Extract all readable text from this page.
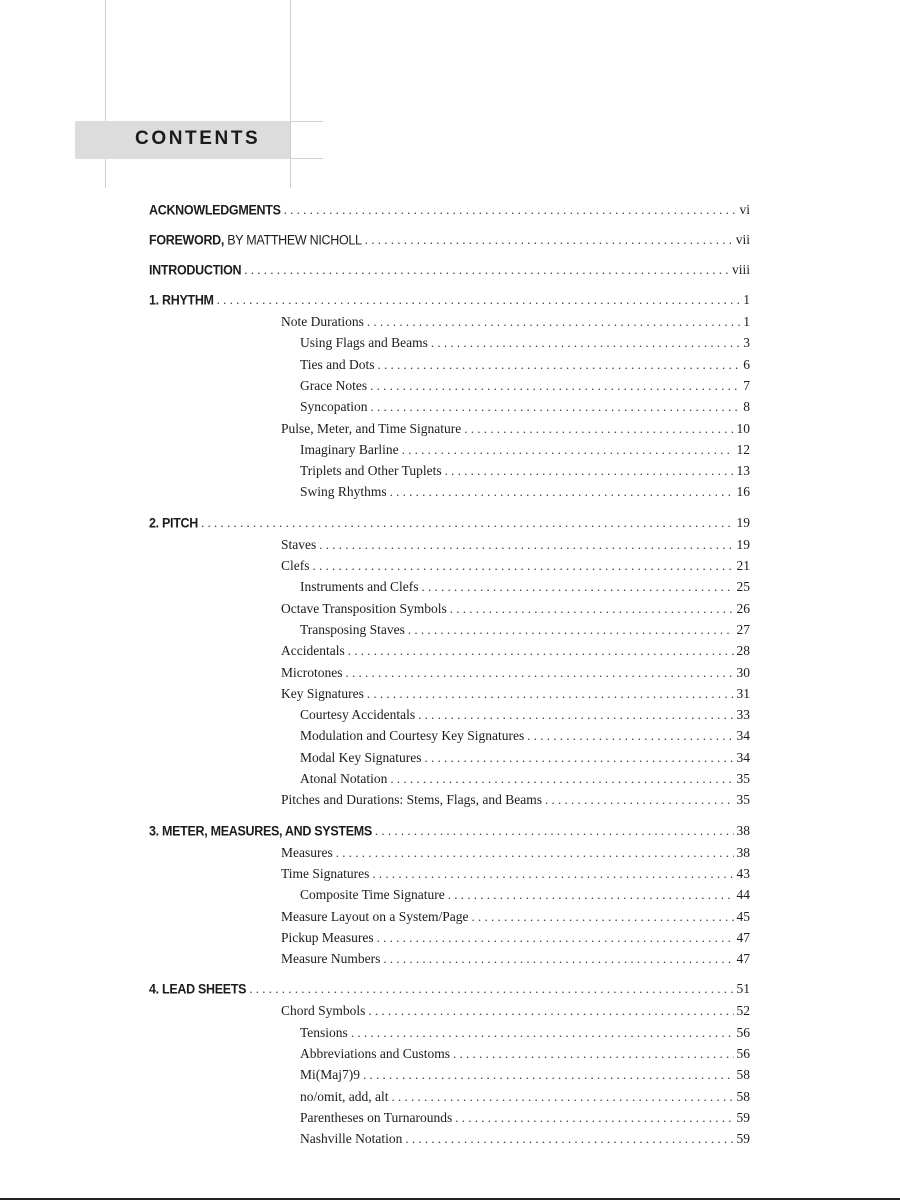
CONTENTS
ACKNOWLEDGMENTS . . .	vi
FOREWORD, BY MATTHEW NICHOLL . . .	vii
INTRODUCTION . . .	viii
1. RHYTHM . . .	1
Note Durations . . .	1
Using Flags and Beams . . .	3
Ties and Dots . . .	6
Grace Notes . . .	7
Syncopation . . .	8
Pulse, Meter, and Time Signature . . .	10
Imaginary Barline . . .	12
Triplets and Other Tuplets . . .	13
Swing Rhythms . . .	16
2. PITCH . . .	19
Staves . . .	19
Clefs . . .	21
Instruments and Clefs . . .	25
Octave Transposition Symbols . . .	26
Transposing Staves . . .	27
Accidentals . . .	28
Microtones . . .	30
Key Signatures . . .	31
Courtesy Accidentals . . .	33
Modulation and Courtesy Key Signatures . . .	34
Modal Key Signatures . . .	34
Atonal Notation . . .	35
Pitches and Durations: Stems, Flags, and Beams . . .	35
3. METER, MEASURES, AND SYSTEMS . . .	38
Measures . . .	38
Time Signatures . . .	43
Composite Time Signature . . .	44
Measure Layout on a System/Page . . .	45
Pickup Measures . . .	47
Measure Numbers . . .	47
4. LEAD SHEETS . . .	51
Chord Symbols . . .	52
Tensions . . .	56
Abbreviations and Customs . . .	56
Mi(Maj7)9 . . .	58
no/omit, add, alt . . .	58
Parentheses on Turnarounds . . .	59
Nashville Notation . . .	59
